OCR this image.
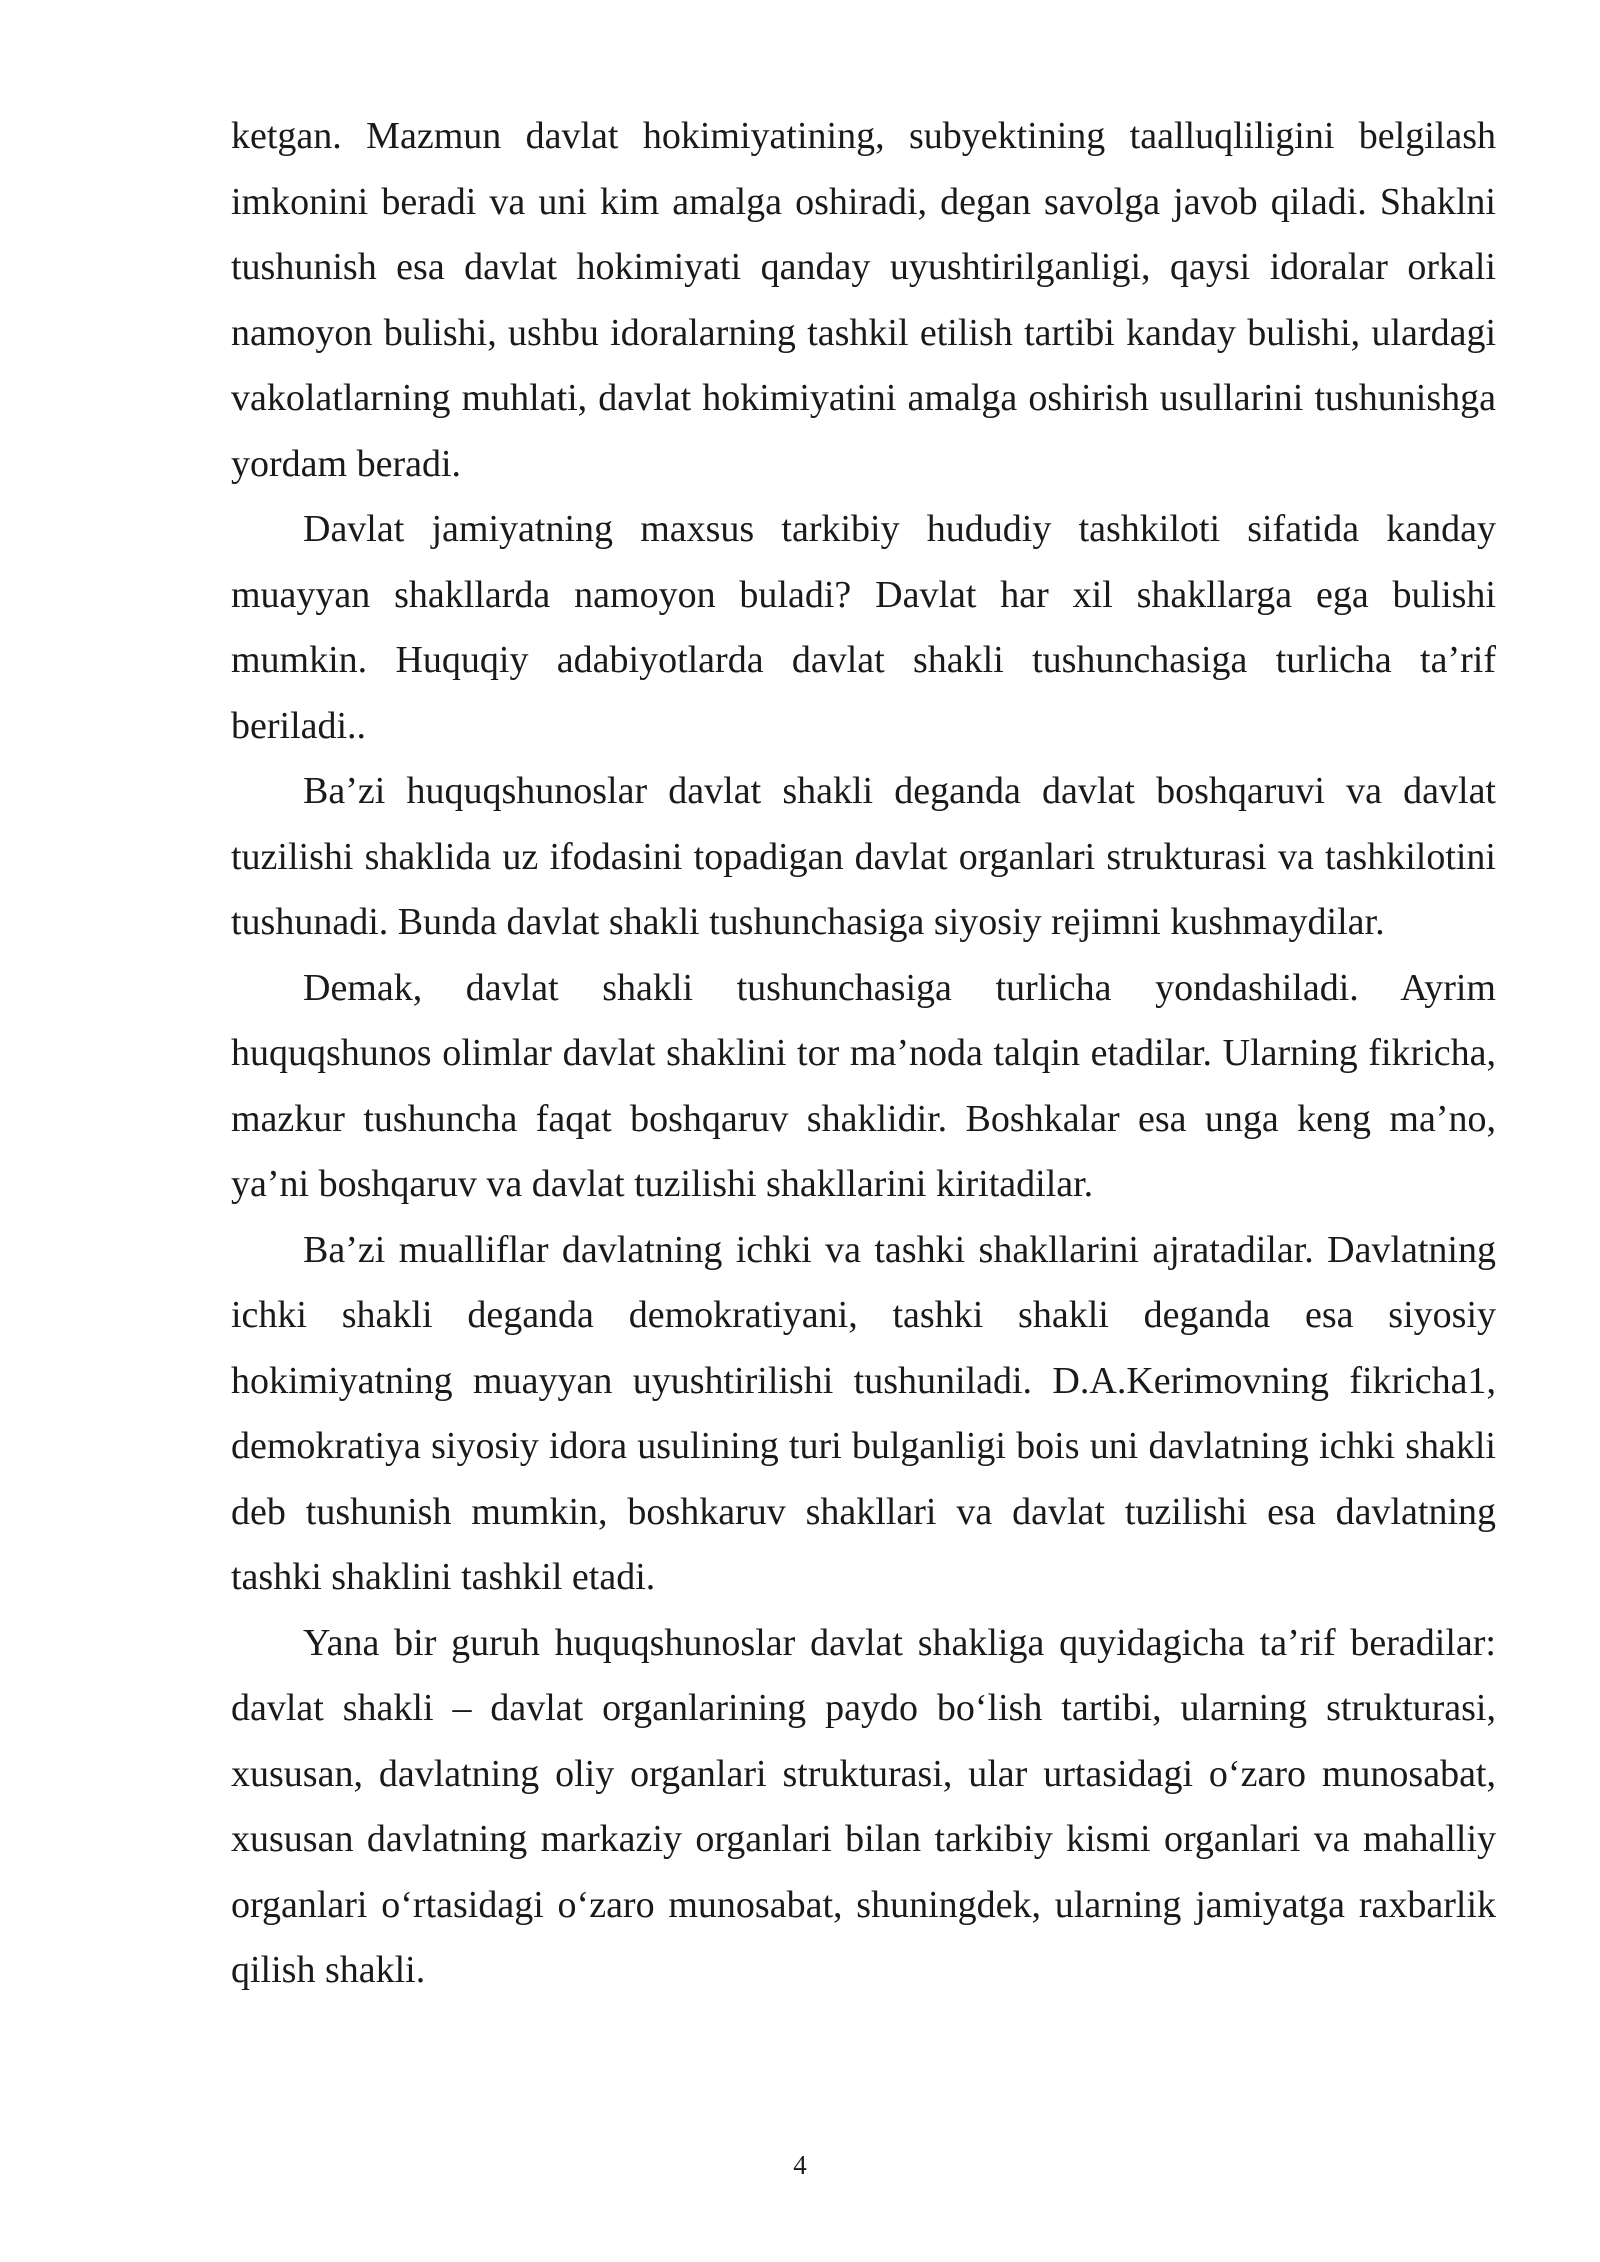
ketgan. Mazmun davlat hokimiyatining, subyektining taalluqliligini belgilash imkonini beradi va uni kim amalga oshiradi, degan savolga javob qiladi. Shaklni tushunish esa davlat hokimiyati qanday uyushtirilganligi, qaysi idoralar orkali namoyon bulishi, ushbu idoralarning tashkil etilish tartibi kanday bulishi, ulardagi vakolatlarning muhlati, davlat hokimiyatini amalga oshirish usullarini tushunishga yordam beradi.

Davlat jamiyatning maxsus tarkibiy hududiy tashkiloti sifatida kanday muayyan shakllarda namoyon buladi? Davlat har xil shakllarga ega bulishi mumkin. Huquqiy adabiyotlarda davlat shakli tushunchasiga turlicha ta’rif beriladi..

Ba’zi huquqshunoslar davlat shakli deganda davlat boshqaruvi va davlat tuzilishi shaklida uz ifodasini topadigan davlat organlari strukturasi va tashkilotini tushunadi. Bunda davlat shakli tushunchasiga siyosiy rejimni kushmaydilar.

Demak, davlat shakli tushunchasiga turlicha yondashiladi. Ayrim huquqshunos olimlar davlat shaklini tor ma’noda talqin etadilar. Ularning fikricha, mazkur tushuncha faqat boshqaruv shaklidir. Boshkalar esa unga keng ma’no, ya’ni boshqaruv va davlat tuzilishi shakllarini kiritadilar.

Ba’zi mualliflar davlatning ichki va tashki shakllarini ajratadilar. Davlatning ichki shakli deganda demokratiyani, tashki shakli deganda esa siyosiy hokimiyatning muayyan uyushtirilishi tushuniladi. D.A.Kerimovning fikricha1, demokratiya siyosiy idora usulining turi bulganligi bois uni davlatning ichki shakli deb tushunish mumkin, boshkaruv shakllari va davlat tuzilishi esa davlatning tashki shaklini tashkil etadi.

Yana bir guruh huquqshunoslar davlat shakliga quyidagicha ta’rif beradilar: davlat shakli – davlat organlarining paydo bo‘lish tartibi, ularning strukturasi, xususan, davlatning oliy organlari strukturasi, ular urtasidagi o‘zaro munosabat, xususan davlatning markaziy organlari bilan tarkibiy kismi organlari va mahalliy organlari o‘rtasidagi o‘zaro munosabat, shuningdek, ularning jamiyatga raxbarlik qilish shakli.

4
